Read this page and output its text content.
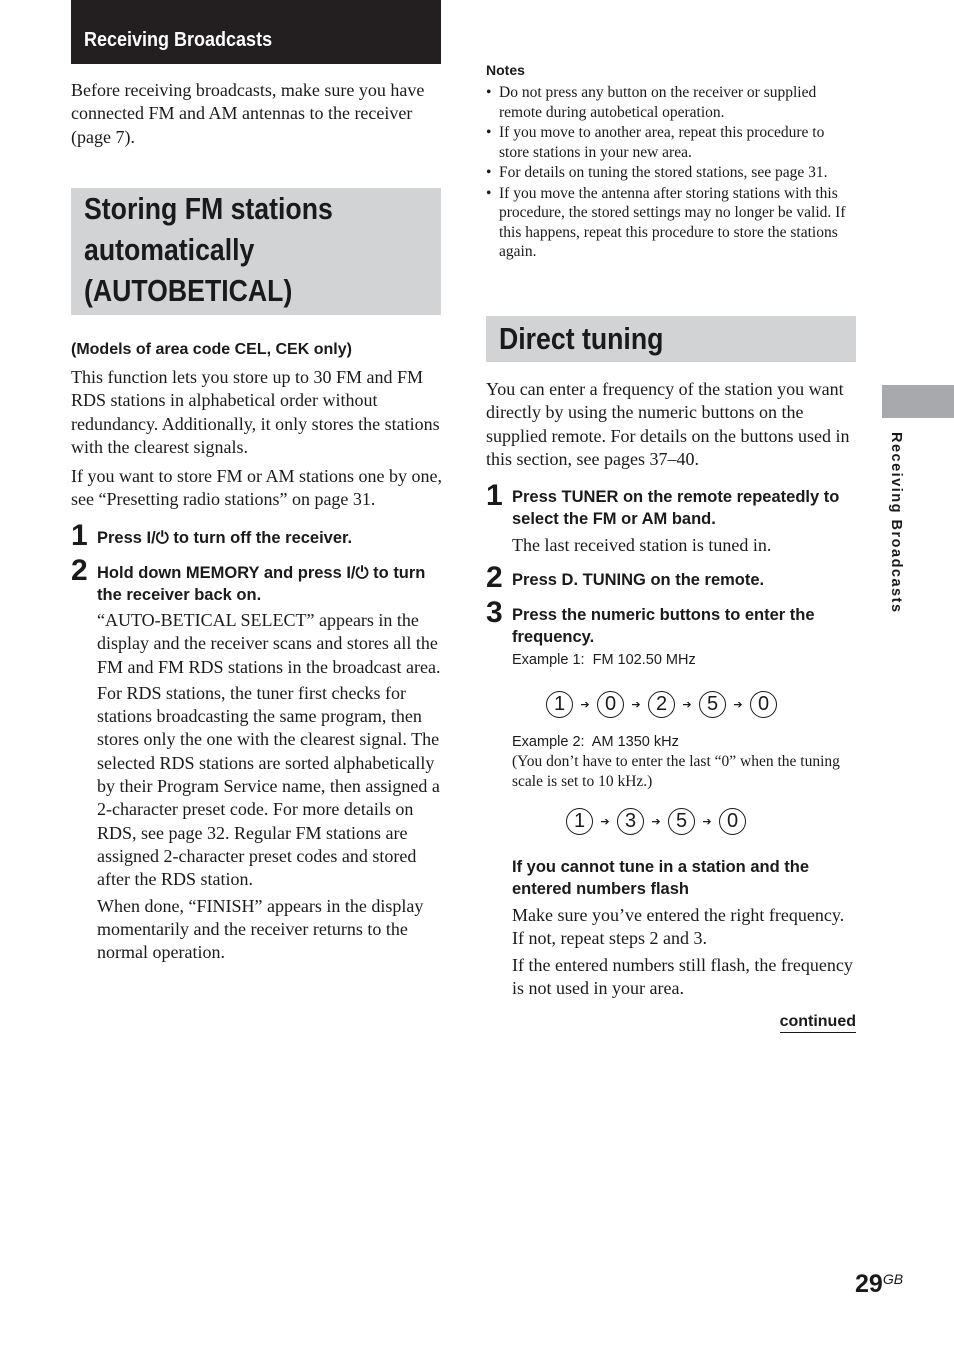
Receiving Broadcasts

Before receiving broadcasts, make sure you have connected FM and AM antennas to the receiver (page 7).

Storing FM stations
automatically
(AUTOBETICAL)
(Models of area code CEL, CEK only)

This function lets you store up to 30 FM and FM RDS stations in alphabetical order without redundancy. Additionally, it only stores the stations with the clearest signals.

If you want to store FM or AM stations one by one, see “Presetting radio stations” on page 31.

1 Press I/⏻ to turn off the receiver.

2 Hold down MEMORY and press I/⏻ to turn the receiver back on.

“AUTO-BETICAL SELECT” appears in the display and the receiver scans and stores all the FM and FM RDS stations in the broadcast area.

For RDS stations, the tuner first checks for stations broadcasting the same program, then stores only the one with the clearest signal. The selected RDS stations are sorted alphabetically by their Program Service name, then assigned a 2-character preset code. For more details on RDS, see page 32. Regular FM stations are assigned 2-character preset codes and stored after the RDS station.

When done, “FINISH” appears in the display momentarily and the receiver returns to the normal operation.

Notes

• Do not press any button on the receiver or supplied remote during autobetical operation.

• If you move to another area, repeat this procedure to store stations in your new area.

• For details on tuning the stored stations, see page 31.

• If you move the antenna after storing stations with this procedure, the stored settings may no longer be valid. If this happens, repeat this procedure to store the stations again.

Direct tuning

You can enter a frequency of the station you want directly by using the numeric buttons on the supplied remote. For details on the buttons used in this section, see pages 37–40.

1 Press TUNER on the remote repeatedly to select the FM or AM band.

The last received station is tuned in.

2 Press D. TUNING on the remote.

3 Press the numeric buttons to enter the frequency.

Example 1:  FM 102.50 MHz
1	➔ 0	➔ 2	➔ 5	➔ 0
Example 2:  AM 1350 kHz

(You don’t have to enter the last “0” when the tuning scale is set to 10 kHz.)

1	➔ 3	➔ 5	➔ 0

If you cannot tune in a station and the entered numbers flash

Make sure you’ve entered the right frequency. If not, repeat steps 2 and 3.

If the entered numbers still flash, the frequency is not used in your area.

continued
Receiving Broadcasts
$29^{GB}$
